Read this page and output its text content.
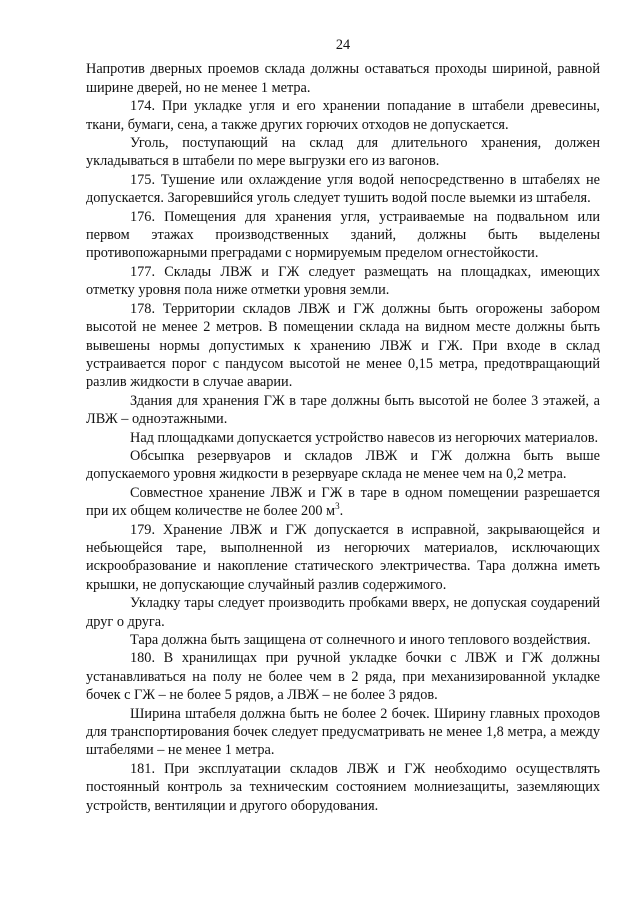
24

Напротив дверных проемов склада должны оставаться проходы шириной, равной ширине дверей, но не менее 1 метра.

174. При укладке угля и его хранении попадание в штабели древесины, ткани, бумаги, сена, а также других горючих отходов не допускается.

Уголь, поступающий на склад для длительного хранения, должен укладываться в штабели по мере выгрузки его из вагонов.

175. Тушение или охлаждение угля водой непосредственно в штабелях не допускается. Загоревшийся уголь следует тушить водой после выемки из штабеля.

176. Помещения для хранения угля, устраиваемые на подвальном или первом этажах производственных зданий, должны быть выделены противопожарными преградами с нормируемым пределом огнестойкости.

177. Склады ЛВЖ и ГЖ следует размещать на площадках, имеющих отметку уровня пола ниже отметки уровня земли.

178. Территории складов ЛВЖ и ГЖ должны быть огорожены забором высотой не менее 2 метров. В помещении склада на видном месте должны быть вывешены нормы допустимых к хранению ЛВЖ и ГЖ. При входе в склад устраивается порог с пандусом высотой не менее 0,15 метра, предотвращающий разлив жидкости в случае аварии.

Здания для хранения ГЖ в таре должны быть высотой не более 3 этажей, а ЛВЖ – одноэтажными.

Над площадками допускается устройство навесов из негорючих материалов.

Обсыпка резервуаров и складов ЛВЖ и ГЖ должна быть выше допускаемого уровня жидкости в резервуаре склада не менее чем на 0,2 метра.

Совместное хранение ЛВЖ и ГЖ в таре в одном помещении разрешается при их общем количестве не более 200 $м^3$.

179. Хранение ЛВЖ и ГЖ допускается в исправной, закрывающейся и небьющейся таре, выполненной из негорючих материалов, исключающих искрообразование и накопление статического электричества. Тара должна иметь крышки, не допускающие случайный разлив содержимого.

Укладку тары следует производить пробками вверх, не допуская соударений друг о друга.

Тара должна быть защищена от солнечного и иного теплового воздействия.

180. В хранилищах при ручной укладке бочки с ЛВЖ и ГЖ должны устанавливаться на полу не более чем в 2 ряда, при механизированной укладке бочек с ГЖ – не более 5 рядов, а ЛВЖ – не более 3 рядов.

Ширина штабеля должна быть не более 2 бочек. Ширину главных проходов для транспортирования бочек следует предусматривать не менее 1,8 метра, а между штабелями – не менее 1 метра.

181. При эксплуатации складов ЛВЖ и ГЖ необходимо осуществлять постоянный контроль за техническим состоянием молниезащиты, заземляющих устройств, вентиляции и другого оборудования.
